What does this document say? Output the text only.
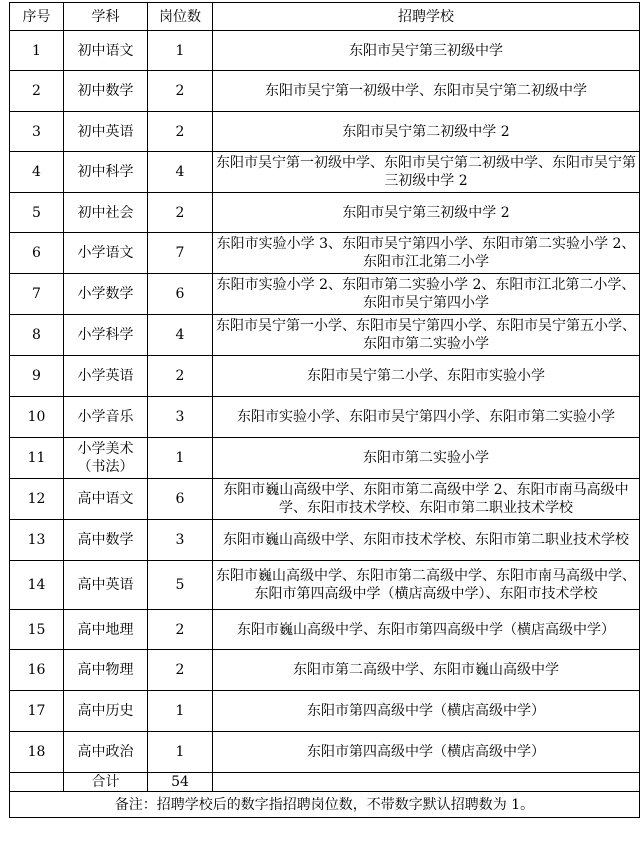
序号	学科	岗位数	招聘学校
1	初中语文	1	东阳市吴宁第三初级中学
2	初中数学	2	东阳市吴宁第一初级中学、东阳市吴宁第二初级中学
3	初中英语	2	东阳市吴宁第二初级中学 2
4	初中科学	4	东阳市吴宁第一初级中学、东阳市吴宁第二初级中学、东阳市吴宁第三初级中学 2
5	初中社会	2	东阳市吴宁第三初级中学 2
6	小学语文	7	东阳市实验小学 3、东阳市吴宁第四小学、东阳市第二实验小学 2、东阳市江北第二小学
7	小学数学	6	东阳市实验小学 2、东阳市第二实验小学 2、东阳市江北第二小学、东阳市吴宁第四小学
8	小学科学	4	东阳市吴宁第一小学、东阳市吴宁第四小学、东阳市吴宁第五小学、东阳市第二实验小学
9	小学英语	2	东阳市吴宁第二小学、东阳市实验小学
10	小学音乐	3	东阳市实验小学、东阳市吴宁第四小学、东阳市第二实验小学
11	小学美术（书法）	1	东阳市第二实验小学
12	高中语文	6	东阳市巍山高级中学、东阳市第二高级中学 2、东阳市南马高级中学、东阳市技术学校、东阳市第二职业技术学校
13	高中数学	3	东阳市巍山高级中学、东阳市技术学校、东阳市第二职业技术学校
14	高中英语	5	东阳市巍山高级中学、东阳市第二高级中学、东阳市南马高级中学、东阳市第四高级中学（横店高级中学）、东阳市技术学校
15	高中地理	2	东阳市巍山高级中学、东阳市第四高级中学（横店高级中学）
16	高中物理	2	东阳市第二高级中学、东阳市巍山高级中学
17	高中历史	1	东阳市第四高级中学（横店高级中学）
18	高中政治	1	东阳市第四高级中学（横店高级中学）
	合计	54	
备注：招聘学校后的数字指招聘岗位数，不带数字默认招聘数为 1。			
